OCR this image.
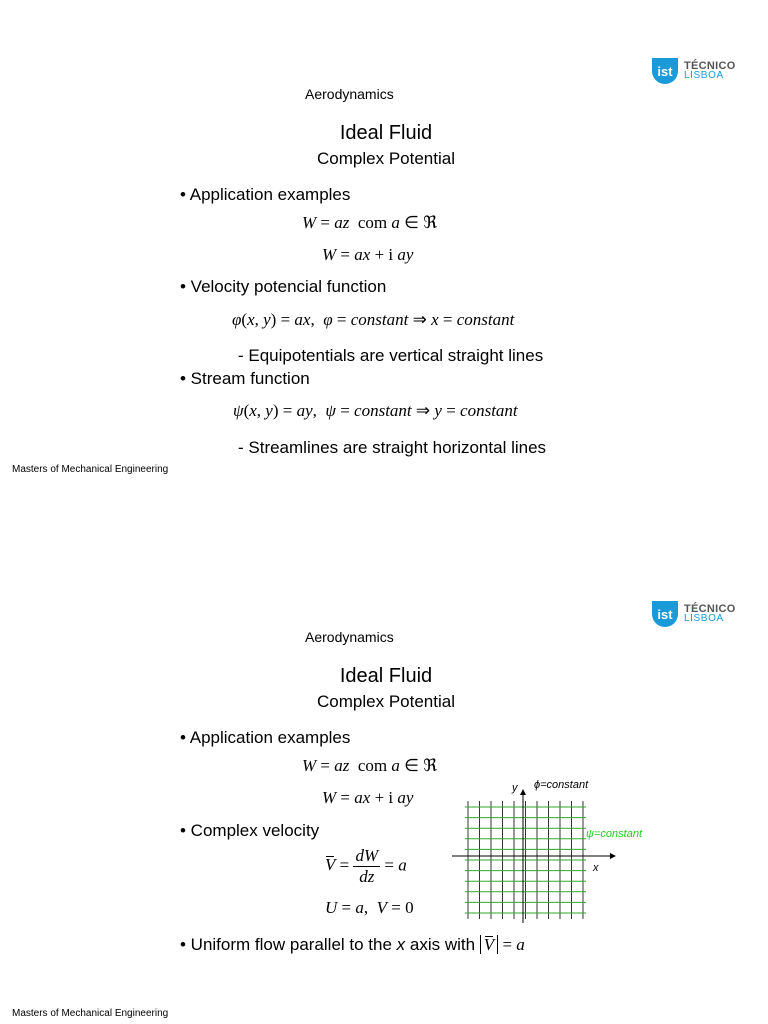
ist	TÉCNICO
LISBOA
Aerodynamics
Ideal Fluid
Complex Potential
• Application examples
W = az  com a ∈ ℜ
W = ax + i ay
• Velocity potencial function
φ(x, y) = ax,  φ = constant ⇒ x = constant
- Equipotentials are vertical straight lines
• Stream function
ψ(x, y) = ay,  ψ = constant ⇒ y = constant
- Streamlines are straight horizontal lines
Masters of Mechanical Engineering
ist	TÉCNICO
LISBOA
Aerodynamics
Ideal Fluid
Complex Potential
• Application examples
W = az  com a ∈ ℜ
W = ax + i ay
• Complex velocity
$V = \frac{dW}{dz} = a$
U = a,  V = 0
• Uniform flow parallel to the x axis with V = a
y
x
ϕ=constant
ψ=constant
Masters of Mechanical Engineering
